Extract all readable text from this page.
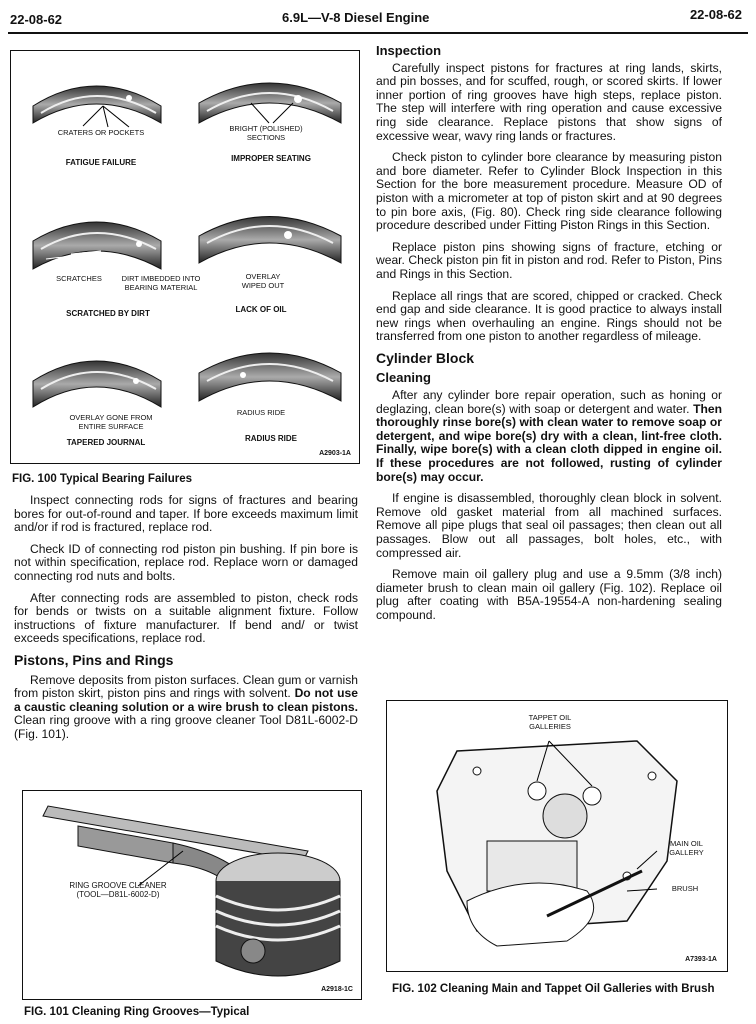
22-08-62	6.9L—V-8 Diesel Engine	22-08-62
CRATERS OR POCKETS	BRIGHT (POLISHED) SECTIONS
FATIGUE FAILURE	IMPROPER SEATING
SCRATCHES	DIRT IMBEDDED INTO BEARING MATERIAL
OVERLAY WIPED OUT
SCRATCHED BY DIRT	LACK OF OIL
OVERLAY GONE FROM ENTIRE SURFACE
RADIUS RIDE
TAPERED JOURNAL	RADIUS RIDE
A2903-1A
FIG. 100 Typical Bearing Failures

Inspect connecting rods for signs of fractures and bearing bores for out-of-round and taper. If bore exceeds maximum limit and/or if rod is fractured, replace rod.

Check ID of connecting rod piston pin bushing. If pin bore is not within specification, replace rod. Replace worn or damaged connecting rod nuts and bolts.

After connecting rods are assembled to piston, check rods for bends or twists on a suitable alignment fixture. Follow instructions of fixture manufacturer. If bend and/ or twist exceeds specifications, replace rod.

Pistons, Pins and Rings

Remove deposits from piston surfaces. Clean gum or varnish from piston skirt, piston pins and rings with solvent. Do not use a caustic cleaning solution or a wire brush to clean pistons. Clean ring groove with a ring groove cleaner Tool D81L-6002-D (Fig. 101).

RING GROOVE CLEANER (TOOL—D81L-6002-D)
A2918-1C
FIG. 101 Cleaning Ring Grooves—Typical
Inspection

Carefully inspect pistons for fractures at ring lands, skirts, and pin bosses, and for scuffed, rough, or scored skirts. If lower inner portion of ring grooves have high steps, replace piston. The step will interfere with ring operation and cause excessive ring side clearance. Replace pistons that show signs of excessive wear, wavy ring lands or fractures.

Check piston to cylinder bore clearance by measuring piston and bore diameter. Refer to Cylinder Block Inspection in this Section for the bore measurement procedure. Measure OD of piston with a micrometer at top of piston skirt and at 90 degrees to pin bore axis, (Fig. 80). Check ring side clearance following procedure described under Fitting Piston Rings in this Section.

Replace piston pins showing signs of fracture, etching or wear. Check piston pin fit in piston and rod. Refer to Piston, Pins and Rings in this Section.

Replace all rings that are scored, chipped or cracked. Check end gap and side clearance. It is good practice to always install new rings when overhauling an engine. Rings should not be transferred from one piston to another regardless of mileage.

Cylinder Block
Cleaning

After any cylinder bore repair operation, such as honing or deglazing, clean bore(s) with soap or detergent and water. Then thoroughly rinse bore(s) with clean water to remove soap or detergent, and wipe bore(s) dry with a clean, lint-free cloth. Finally, wipe bore(s) with a clean cloth dipped in engine oil. If these procedures are not followed, rusting of cylinder bore(s) may occur.

If engine is disassembled, thoroughly clean block in solvent. Remove old gasket material from all machined surfaces. Remove all pipe plugs that seal oil passages; then clean out all passages. Blow out all passages, bolt holes, etc., with compressed air.

Remove main oil gallery plug and use a 9.5mm (3/8 inch) diameter brush to clean main oil gallery (Fig. 102). Replace oil plug after coating with B5A-19554-A non-hardening sealing compound.

TAPPET OIL GALLERIES
MAIN OIL GALLERY
BRUSH
A7393-1A
FIG. 102 Cleaning Main and Tappet Oil Galleries with Brush
